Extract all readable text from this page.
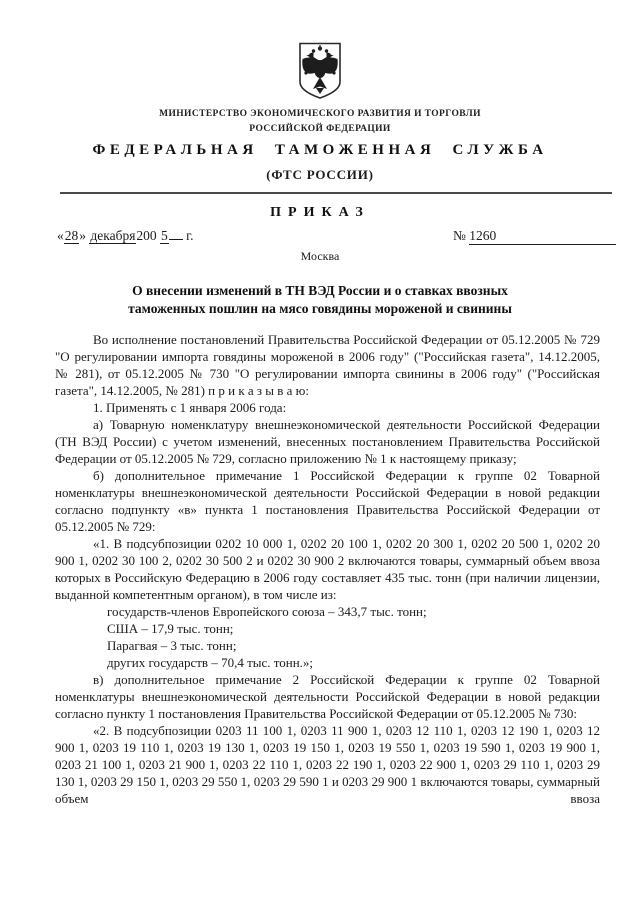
МИНИСТЕРСТВО ЭКОНОМИЧЕСКОГО РАЗВИТИЯ И ТОРГОВЛИ
РОССИЙСКОЙ ФЕДЕРАЦИИ
ФЕДЕРАЛЬНАЯ ТАМОЖЕННАЯ СЛУЖБА
(ФТС РОССИИ)
ПРИКАЗ
«28» декабря200 5 г.	№ 1260
Москва
О внесении изменений в ТН ВЭД России и о ставках ввозных
таможенных пошлин на мясо говядины мороженой и свинины

Во исполнение постановлений Правительства Российской Федерации от 05.12.2005 № 729 "О регулировании импорта говядины мороженой в 2006 году" ("Российская газета", 14.12.2005, № 281), от 05.12.2005 № 730 "О регулировании импорта свинины в 2006 году" ("Российская газета", 14.12.2005, № 281) п р и к а з ы в а ю:

1. Применять с 1 января 2006 года:

а) Товарную номенклатуру внешнеэкономической деятельности Российской Федерации (ТН ВЭД России) с учетом изменений, внесенных постановлением Правительства Российской Федерации от 05.12.2005 № 729, согласно приложению № 1 к настоящему приказу;

б) дополнительное примечание 1 Российской Федерации к группе 02 Товарной номенклатуры внешнеэкономической деятельности Российской Федерации в новой редакции согласно подпункту «в» пункта 1 постановления Правительства Российской Федерации от 05.12.2005 № 729:

«1. В подсубпозиции 0202 10 000 1, 0202 20 100 1, 0202 20 300 1, 0202 20 500 1, 0202 20 900 1, 0202 30 100 2, 0202 30 500 2 и 0202 30 900 2 включаются товары, суммарный объем ввоза которых в Российскую Федерацию в 2006 году составляет 435 тыс. тонн (при наличии лицензии, выданной компетентным органом), в том числе из:

государств-членов Европейского союза – 343,7 тыс. тонн;

США – 17,9 тыс. тонн;

Парагвая – 3 тыс. тонн;

других государств – 70,4 тыс. тонн.»;

в) дополнительное примечание 2 Российской Федерации к группе 02 Товарной номенклатуры внешнеэкономической деятельности Российской Федерации в новой редакции согласно пункту 1 постановления Правительства Российской Федерации от 05.12.2005 № 730:

«2. В подсубпозиции 0203 11 100 1, 0203 11 900 1, 0203 12 110 1, 0203 12 190 1, 0203 12 900 1, 0203 19 110 1, 0203 19 130 1, 0203 19 150 1, 0203 19 550 1, 0203 19 590 1, 0203 19 900 1, 0203 21 100 1, 0203 21 900 1, 0203 22 110 1, 0203 22 190 1, 0203 22 900 1, 0203 29 110 1, 0203 29 130 1, 0203 29 150 1, 0203 29 550 1, 0203 29 590 1 и 0203 29 900 1 включаются товары, суммарный объем ввоза
